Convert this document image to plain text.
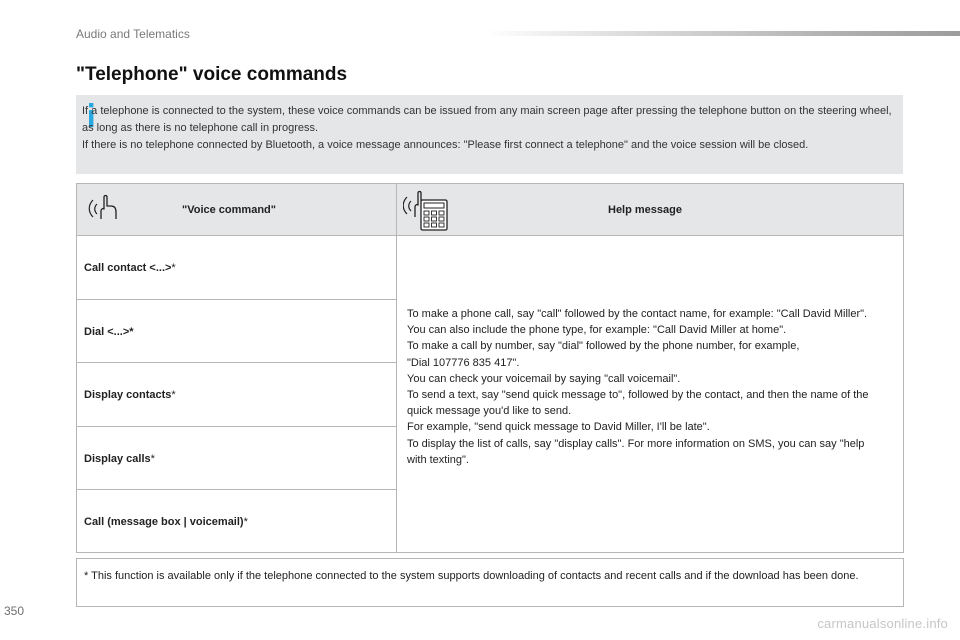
Audio and Telematics
"Telephone" voice commands

If a telephone is connected to the system, these voice commands can be issued from any main screen page after pressing the telephone button on the steering wheel, as long as there is no telephone call in progress.

If there is no telephone connected by Bluetooth, a voice message announces: "Please first connect a telephone" and the voice session will be closed.

"Voice command"	Help message
Call contact <...>*
Dial <...>*
Display contacts*
Display calls*
Call (message box | voicemail)*
To make a phone call, say "call" followed by the contact name, for example: "Call David Miller".
You can also include the phone type, for example: "Call David Miller at home".
To make a call by number, say "dial" followed by the phone number, for example,
"Dial 107776 835 417".
You can check your voicemail by saying "call voicemail".
To send a text, say "send quick message to", followed by the contact, and then the name of the quick message you'd like to send.
For example, "send quick message to David Miller, I'll be late".
To display the list of calls, say "display calls". For more information on SMS, you can say "help with texting".
* This function is available only if the telephone connected to the system supports downloading of contacts and recent calls and if the download has been done.
350
carmanualsonline.info
